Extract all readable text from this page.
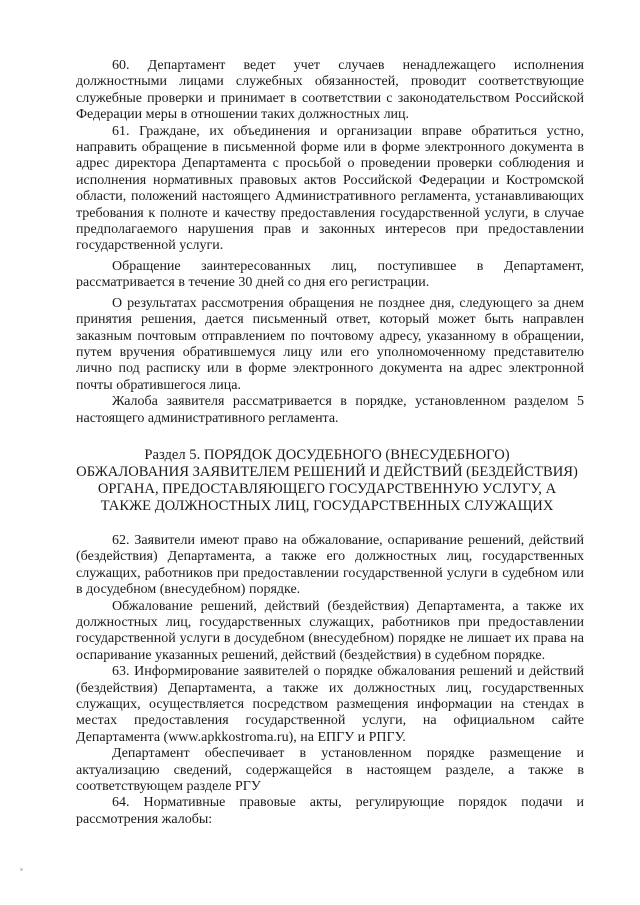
60. Департамент ведет учет случаев ненадлежащего исполнения должностными лицами служебных обязанностей, проводит соответствующие служебные проверки и принимает в соответствии с законодательством Российской Федерации меры в отношении таких должностных лиц.

61. Граждане, их объединения и организации вправе обратиться устно, направить обращение в письменной форме или в форме электронного документа в адрес директора Департамента с просьбой о проведении проверки соблюдения и исполнения нормативных правовых актов Российской Федерации и Костромской области, положений настоящего Административного регламента, устанавливающих требования к полноте и качеству предоставления государственной услуги, в случае предполагаемого нарушения прав и законных интересов при предоставлении государственной услуги.

Обращение заинтересованных лиц, поступившее в Департамент, рассматривается в течение 30 дней со дня его регистрации.

О результатах рассмотрения обращения не позднее дня, следующего за днем принятия решения, дается письменный ответ, который может быть направлен заказным почтовым отправлением по почтовому адресу, указанному в обращении, путем вручения обратившемуся лицу или его уполномоченному представителю лично под расписку или в форме электронного документа на адрес электронной почты обратившегося лица.

Жалоба заявителя рассматривается в порядке, установленном разделом 5 настоящего административного регламента.

Раздел 5. ПОРЯДОК ДОСУДЕБНОГО (ВНЕСУДЕБНОГО)
ОБЖАЛОВАНИЯ ЗАЯВИТЕЛЕМ РЕШЕНИЙ И ДЕЙСТВИЙ (БЕЗДЕЙСТВИЯ)
ОРГАНА, ПРЕДОСТАВЛЯЮЩЕГО ГОСУДАРСТВЕННУЮ УСЛУГУ, А
ТАКЖЕ ДОЛЖНОСТНЫХ ЛИЦ, ГОСУДАРСТВЕННЫХ СЛУЖАЩИХ

62. Заявители имеют право на обжалование, оспаривание решений, действий (бездействия) Департамента, а также его должностных лиц, государственных служащих, работников при предоставлении государственной услуги в судебном или в досудебном (внесудебном) порядке.

Обжалование решений, действий (бездействия) Департамента, а также их должностных лиц, государственных служащих, работников при предоставлении государственной услуги в досудебном (внесудебном) порядке не лишает их права на оспаривание указанных решений, действий (бездействия) в судебном порядке.

63. Информирование заявителей о порядке обжалования решений и действий (бездействия) Департамента, а также их должностных лиц, государственных служащих, осуществляется посредством размещения информации на стендах в местах предоставления государственной услуги, на официальном сайте Департамента (www.apkkostroma.ru), на ЕПГУ и РПГУ.

Департамент обеспечивает в установленном порядке размещение и актуализацию сведений, содержащейся в настоящем разделе, а также в соответствующем разделе РГУ

64. Нормативные правовые акты, регулирующие порядок подачи и рассмотрения жалобы:
